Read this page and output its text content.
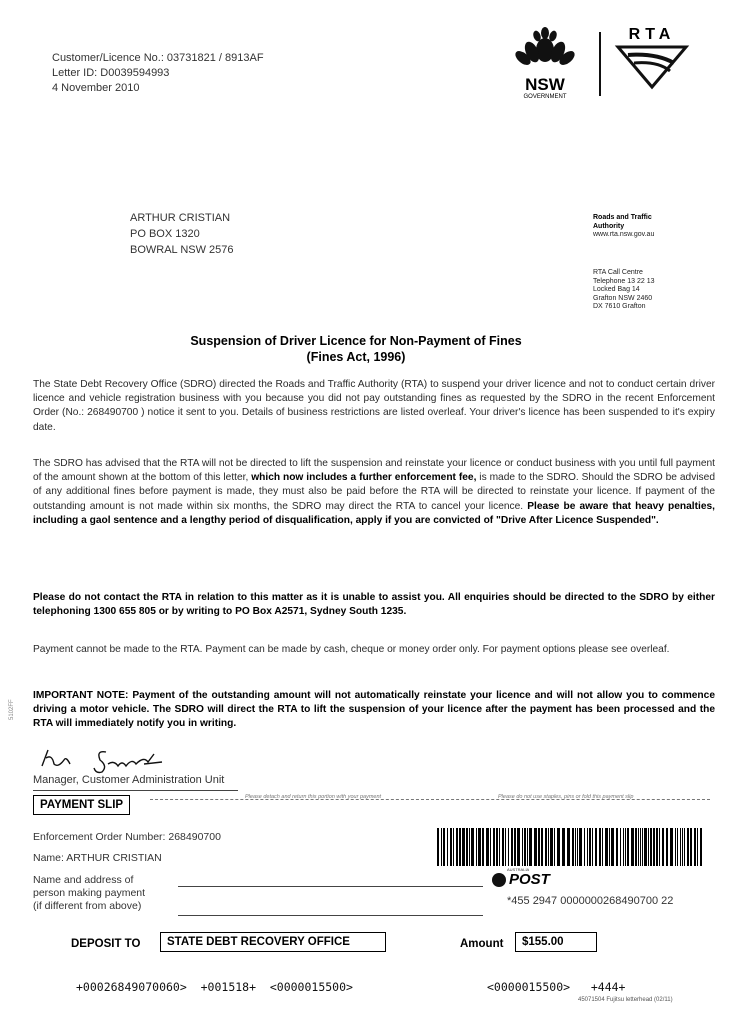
Customer/Licence No.: 03731821 / 8913AF
Letter ID: D0039594993
4 November 2010	NSW
GOVERNMENT
RTA
ARTHUR CRISTIAN
PO BOX 1320
BOWRAL NSW 2576
Roads and Traffic
Authority
www.rta.nsw.gov.au
RTA Call Centre
Telephone 13 22 13
Locked Bag 14
Grafton NSW 2460
DX 7610 Grafton
Suspension of Driver Licence for Non-Payment of Fines
(Fines Act, 1996)
The State Debt Recovery Office (SDRO) directed the Roads and Traffic Authority (RTA) to suspend your driver licence and not to conduct certain driver licence and vehicle registration business with you because you did not pay outstanding fines as requested by the SDRO in the recent Enforcement Order (No.: 268490700 ) notice it sent to you. Details of business restrictions are listed overleaf. Your driver's licence has been suspended to it's expiry date.
The SDRO has advised that the RTA will not be directed to lift the suspension and reinstate your licence or conduct business with you until full payment of the amount shown at the bottom of this letter, which now includes a further enforcement fee, is made to the SDRO. Should the SDRO be advised of any additional fines before payment is made, they must also be paid before the RTA will be directed to reinstate your licence. If payment of the outstanding amount is not made within six months, the SDRO may direct the RTA to cancel your licence. Please be aware that heavy penalties, including a gaol sentence and a lengthy period of disqualification, apply if you are convicted of "Drive After Licence Suspended".
Please do not contact the RTA in relation to this matter as it is unable to assist you. All enquiries should be directed to the SDRO by either telephoning 1300 655 805 or by writing to PO Box A2571, Sydney South 1235.
Payment cannot be made to the RTA. Payment can be made by cash, cheque or money order only. For payment options please see overleaf.
IMPORTANT NOTE: Payment of the outstanding amount will not automatically reinstate your licence and will not allow you to commence driving a motor vehicle. The SDRO will direct the RTA to lift the suspension of your licence after the payment has been processed and the RTA will immediately notify you in writing.
5102FF
Manager, Customer Administration Unit
Please detach and return this portion with your payment	Please do not use staples, pins or fold this payment slip
PAYMENT SLIP
Enforcement Order Number: 268490700
Name: ARTHUR CRISTIAN
Name and address of
person making payment
(if different from above)
AUSTRALIA
POST
*455 2947 0000000268490700 22
DEPOSIT TO	STATE DEBT RECOVERY OFFICE	Amount	$155.00
+00026849070060>  +001518+  <0000015500>	<0000015500>   +444+
45071504 Fujitsu letterhead (02/11)
